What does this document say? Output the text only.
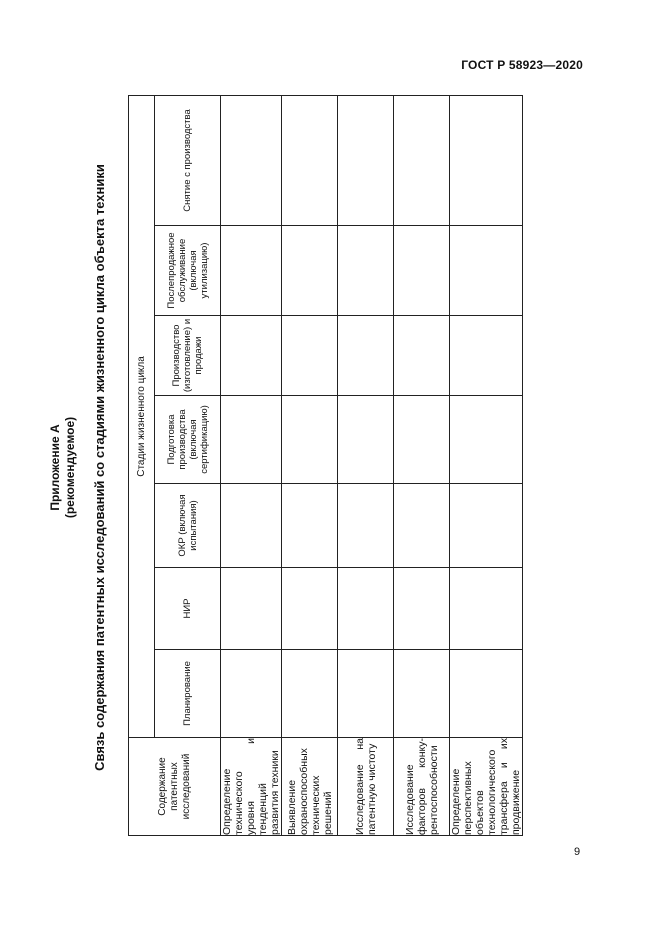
ГОСТ Р 58923—2020
Приложение А (рекомендуемое) Связь содержания патентных исследований со стадиями жизненного цикла объекта техники
Содержание патентных исследований	Стадии жизненного цикла						
	Планирование	НИР	ОКР (включая испытания)	Подготовка производства (включая сертификацию)	Производство (изготовление) и продажи	Послепродажное обслуживание (включая утилизацию)	Снятие с производства
Определение технического уровня и тенденций развития техники							
Выявление охраноспособных технических решений							
Исследование на патентную чистоту							
Исследование факторов конку-рентоспособности							
Определение перспективных объектов технологического трансфера и их продвижение							
9
